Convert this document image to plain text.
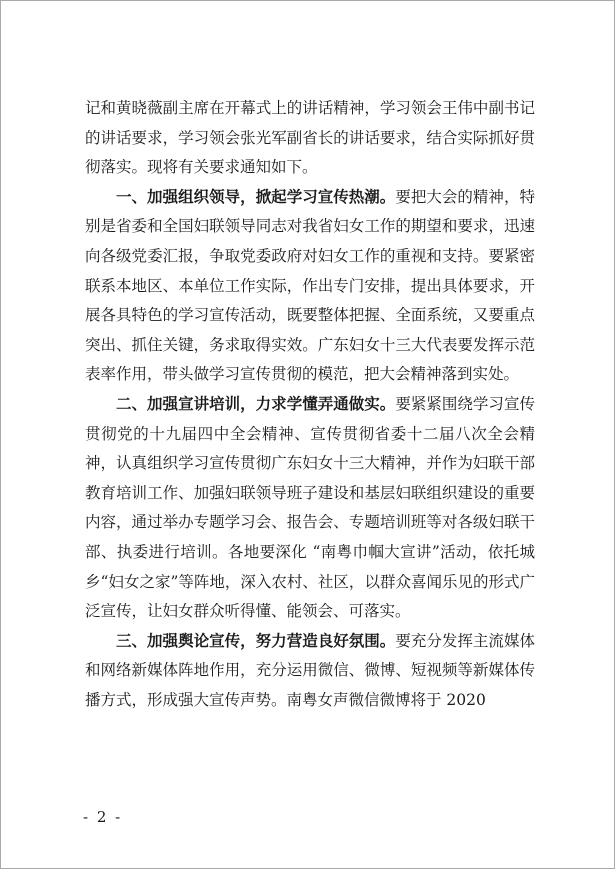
记和黄晓薇副主席在开幕式上的讲话精神，学习领会王伟中副书记的讲话要求，学习领会张光军副省长的讲话要求，结合实际抓好贯彻落实。现将有关要求通知如下。

一、加强组织领导，掀起学习宣传热潮。要把大会的精神，特别是省委和全国妇联领导同志对我省妇女工作的期望和要求，迅速向各级党委汇报，争取党委政府对妇女工作的重视和支持。要紧密联系本地区、本单位工作实际，作出专门安排，提出具体要求，开展各具特色的学习宣传活动，既要整体把握、全面系统，又要重点突出、抓住关键，务求取得实效。广东妇女十三大代表要发挥示范表率作用，带头做学习宣传贯彻的模范，把大会精神落到实处。

二、加强宣讲培训，力求学懂弄通做实。要紧紧围绕学习宣传贯彻党的十九届四中全会精神、宣传贯彻省委十二届八次全会精神，认真组织学习宣传贯彻广东妇女十三大精神，并作为妇联干部教育培训工作、加强妇联领导班子建设和基层妇联组织建设的重要内容，通过举办专题学习会、报告会、专题培训班等对各级妇联干部、执委进行培训。各地要深化 “南粤巾帼大宣讲”活动，依托城乡“妇女之家”等阵地，深入农村、社区，以群众喜闻乐见的形式广泛宣传，让妇女群众听得懂、能领会、可落实。

三、加强舆论宣传，努力营造良好氛围。要充分发挥主流媒体和网络新媒体阵地作用，充分运用微信、微博、短视频等新媒体传播方式，形成强大宣传声势。南粤女声微信微博将于 2020

- 2 -
